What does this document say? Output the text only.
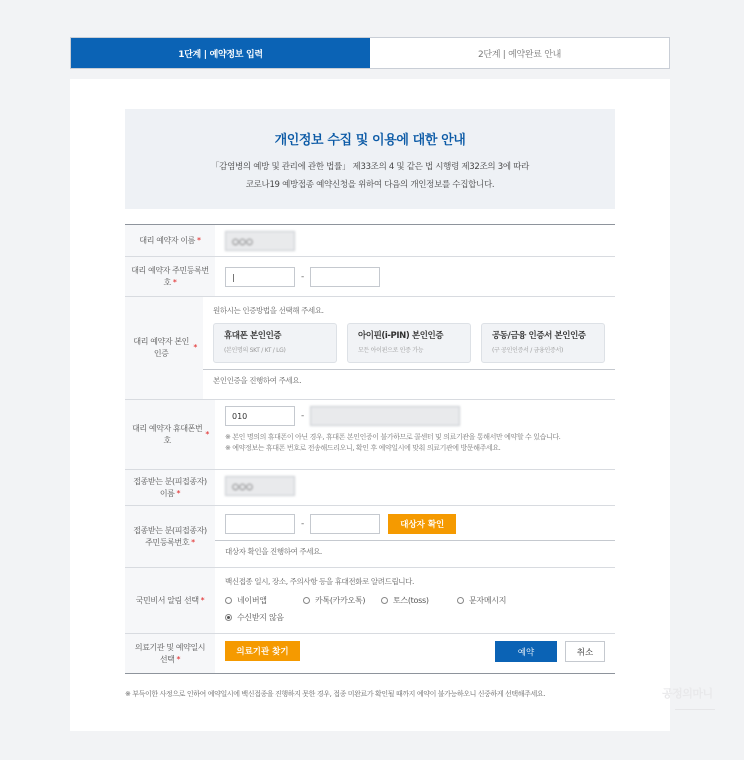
1단계 | 예약정보 입력	2단계 | 예약완료 안내
개인정보 수집 및 이용에 대한 안내
「감염병의 예방 및 관리에 관한 법률」 제33조의 4 및 같은 법 시행령 제32조의 3에 따라
코로나19 예방접종 예약신청을 위하여 다음의 개인정보를 수집합니다.
대리 예약자 이름 *	○○○
대리 예약자 주민등록번호 *
|	-
대리 예약자 본인인증
*
원하시는 인증방법을 선택해 주세요.
휴대폰 본인인증
(본인명의 SKT / KT / LG)
아이핀(i-PIN) 본인인증
모든 아이핀으로 인증 가능
공동/금융 인증서 본인인증
(구 공인인증서 / 금융인증서)
본인인증을 진행하여 주세요.
대리 예약자 휴대폰번호
*
010	-
※ 본인 명의의 휴대폰이 아닌 경우, 휴대폰 본인인증이 불가하므로 콜센터 및 의료기관을 통해서만 예약할 수 있습니다.
※ 예약정보는 휴대폰 번호로 전송해드리오니, 확인 후 예약일시에 맞춰 의료기관에 방문해주세요.
접종받는 분(피접종자) 이름 *
○○○
접종받는 분(피접종자) 주민등록번호 *
-	대상자 확인
대상자 확인을 진행하여 주세요.
국민비서 알림 선택 *
백신접종 일시, 장소, 주의사항 등을 휴대전화로 알려드립니다.
네이버앱	카톡(카카오톡)	토스(toss)	문자메시지
수신받지 않음
의료기관 및 예약일시 선택 *
의료기관 찾기	예약	취소
※ 부득이한 사정으로 인하여 예약일시에 백신접종을 진행하지 못한 경우, 접종 미완료가 확인될 때까지 예약이 불가능하오니 신중하게 선택해주세요.	공정의마니
